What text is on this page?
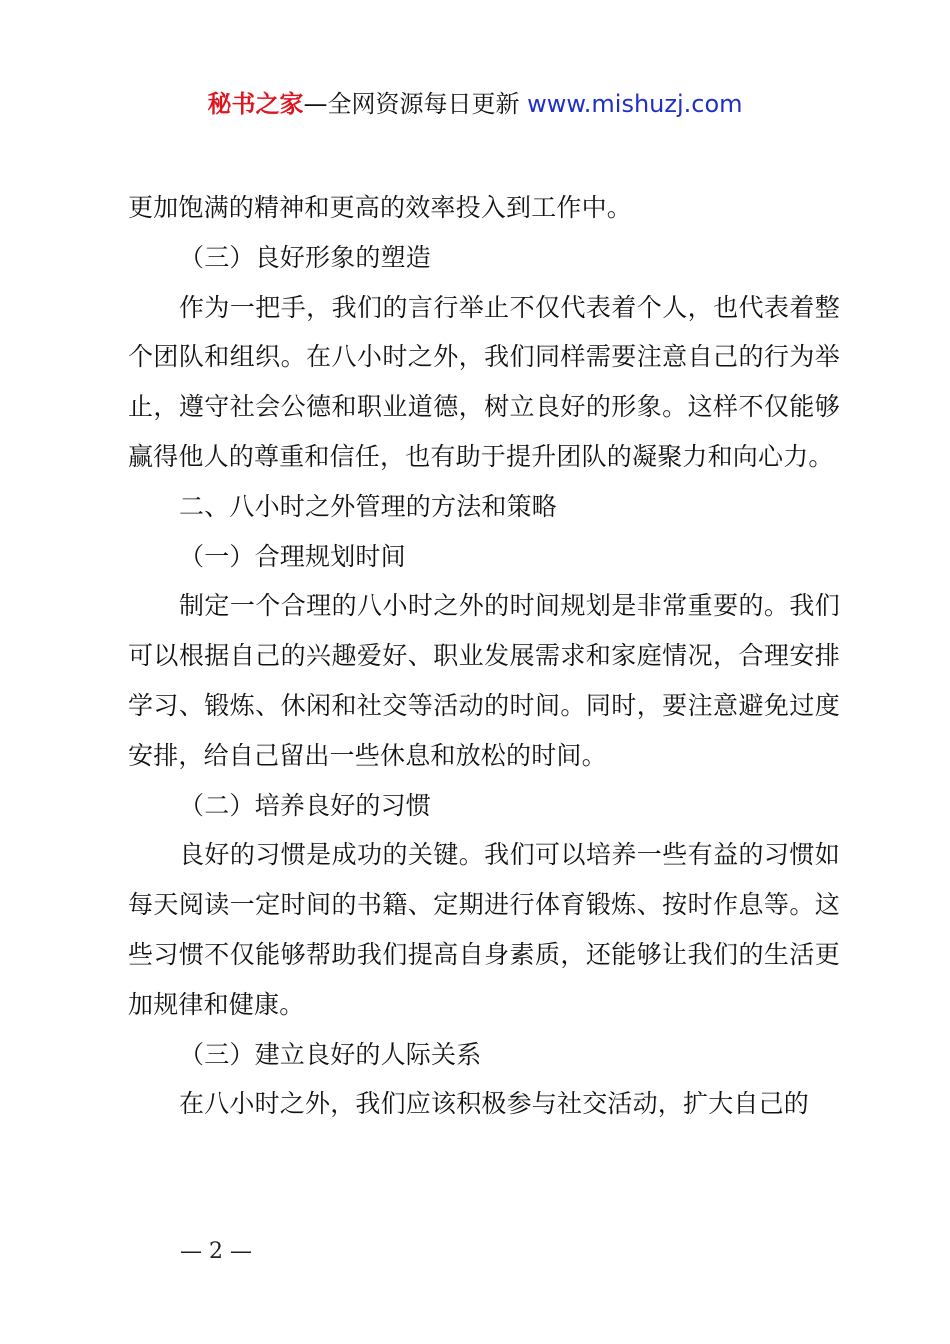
秘书之家—全网资源每日更新 www.mishuzj.com

更加饱满的精神和更高的效率投入到工作中。

（三）良好形象的塑造

作为一把手，我们的言行举止不仅代表着个人，也代表着整个团队和组织。在八小时之外，我们同样需要注意自己的行为举止，遵守社会公德和职业道德，树立良好的形象。这样不仅能够赢得他人的尊重和信任，也有助于提升团队的凝聚力和向心力。

二、八小时之外管理的方法和策略

（一）合理规划时间

制定一个合理的八小时之外的时间规划是非常重要的。我们可以根据自己的兴趣爱好、职业发展需求和家庭情况，合理安排学习、锻炼、休闲和社交等活动的时间。同时，要注意避免过度安排，给自己留出一些休息和放松的时间。

（二）培养良好的习惯

良好的习惯是成功的关键。我们可以培养一些有益的习惯如每天阅读一定时间的书籍、定期进行体育锻炼、按时作息等。这些习惯不仅能够帮助我们提高自身素质，还能够让我们的生活更加规律和健康。

（三）建立良好的人际关系

在八小时之外，我们应该积极参与社交活动，扩大自己的

— 2 —
